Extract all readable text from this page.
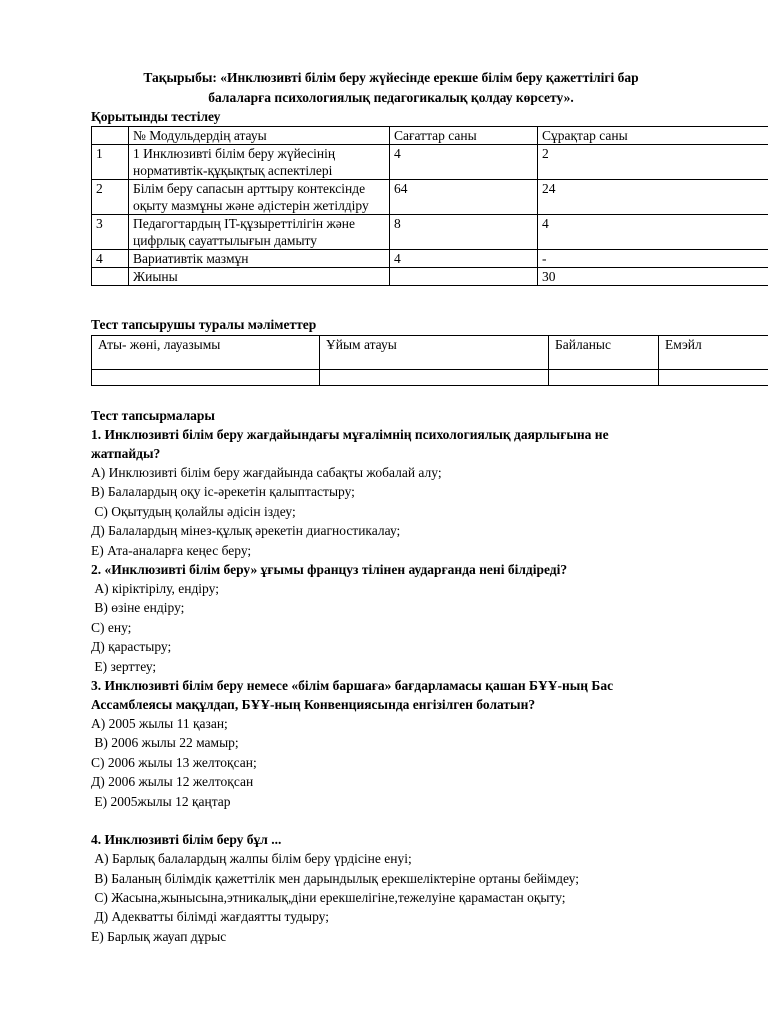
Тақырыбы: «Инклюзивті білім беру жүйесінде ерекше білім беру қажеттілігі бар
балаларға психологиялық педагогикалық қолдау көрсету».
Қорытынды тестілеу
	№ Модульдердің атауы	Сағаттар саны	Сұрақтар саны
1	1 Инклюзивті білім беру жүйесінің нормативтік-құқықтық аспектілері	4	2
2	Білім беру сапасын арттыру контексінде оқыту мазмұны және әдістерін жетілдіру	64	24
3	Педагогтардың IT-құзыреттілігін және цифрлық сауаттылығын дамыту	8	4
4	Вариативтік мазмұн	4	-
	Жиыны		30
Тест тапсырушы туралы мәліметтер
Аты- жөні, лауазымы	Ұйым атауы	Байланыс	Емэйл

Тест тапсырмалары
1. Инклюзивті білім беру жағдайындағы мұғалімнің психологиялық даярлығына не
жатпайды?
А) Инклюзивті білім беру жағдайында сабақты жобалай алу;
В) Балалардың оқу іс-әрекетін қалыптастыру;
С) Оқытудың қолайлы әдісін іздеу;
Д) Балалардың мінез-құлық әрекетін диагностикалау;
Е) Ата-аналарға кеңес беру;
2. «Инклюзивті білім беру» ұғымы француз тілінен аударғанда нені білдіреді?
А) кіріктірілу, ендіру;
В) өзіне ендіру;
С) ену;
Д) қарастыру;
Е) зерттеу;
3. Инклюзивті білім беру немесе «білім баршаға» бағдарламасы қашан БҰҰ-ның Бас
Ассамблеясы мақұлдап, БҰҰ-ның Конвенциясында енгізілген болатын?
А) 2005 жылы 11 қазан;
В) 2006 жылы 22 мамыр;
С) 2006 жылы 13 желтоқсан;
Д) 2006 жылы 12 желтоқсан
Е) 2005жылы 12 қаңтар
4. Инклюзивті білім беру бұл ...
А) Барлық балалардың жалпы білім беру үрдісіне енуі;
В) Баланың білімдік қажеттілік мен дарындылық ерекшеліктеріне ортаны бейімдеу;
С) Жасына,жынысына,этникалық,діни ерекшелігіне,тежелуіне қарамастан оқыту;
Д) Адекватты білімді жағдаятты тудыру;
Е) Барлық жауап дұрыс
